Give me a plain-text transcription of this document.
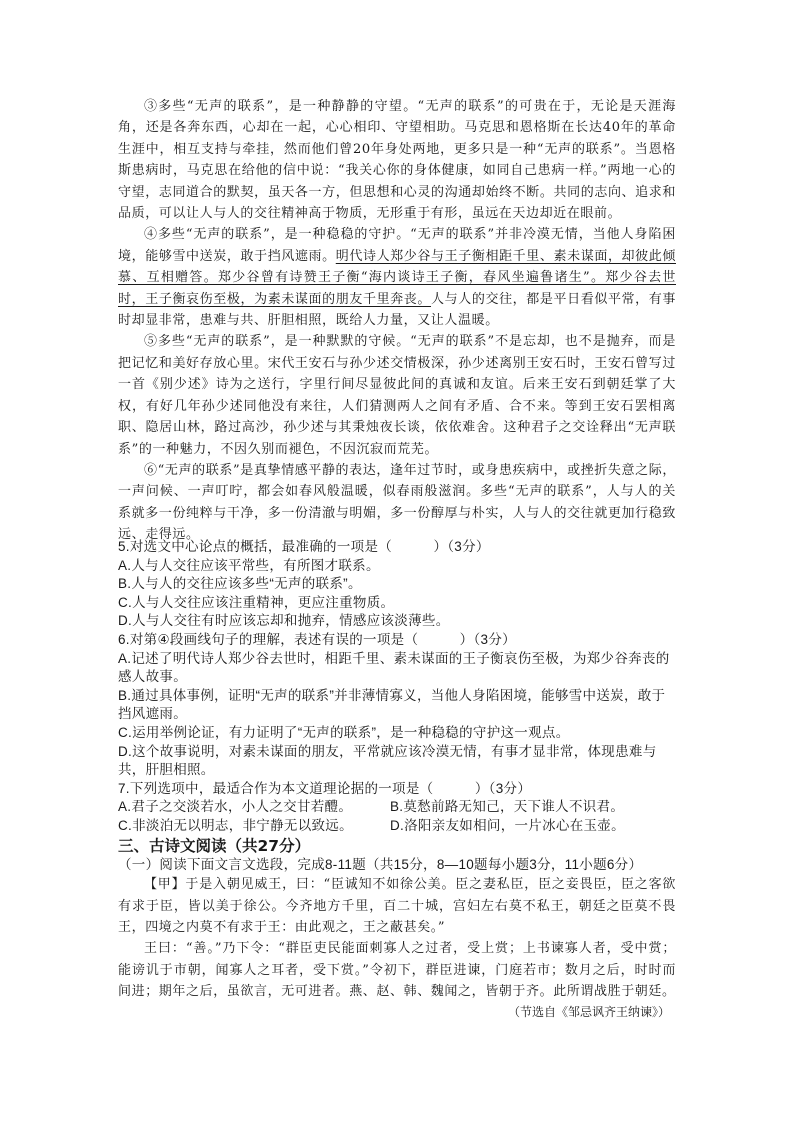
③多些“无声的联系”，是一种静静的守望。“无声的联系”的可贵在于，无论是天涯海角，还是各奔东西，心却在一起，心心相印、守望相助。马克思和恩格斯在长达40年的革命生涯中，相互支持与牵挂，然而他们曾20年身处两地，更多只是一种“无声的联系”。当恩格斯患病时，马克思在给他的信中说：“我关心你的身体健康，如同自己患病一样。”两地一心的守望，志同道合的默契，虽天各一方，但思想和心灵的沟通却始终不断。共同的志向、追求和品质，可以让人与人的交往精神高于物质，无形重于有形，虽远在天边却近在眼前。

④多些“无声的联系”，是一种稳稳的守护。“无声的联系”并非冷漠无情，当他人身陷困境，能够雪中送炭，敢于挡风遮雨。明代诗人郑少谷与王子衡相距千里、素未谋面，却彼此倾慕、互相赠答。郑少谷曾有诗赞王子衡“海内谈诗王子衡，春风坐遍鲁诸生”。郑少谷去世时，王子衡哀伤至极，为素未谋面的朋友千里奔丧。人与人的交往，都是平日看似平常，有事时却显非常，患难与共、肝胆相照，既给人力量，又让人温暖。

⑤多些“无声的联系”，是一种默默的守候。“无声的联系”不是忘却，也不是抛弃，而是把记忆和美好存放心里。宋代王安石与孙少述交情极深，孙少述离别王安石时，王安石曾写过一首《别少述》诗为之送行，字里行间尽显彼此间的真诚和友谊。后来王安石到朝廷掌了大权，有好几年孙少述同他没有来往，人们猜测两人之间有矛盾、合不来。等到王安石罢相离职、隐居山林，路过高沙，孙少述与其秉烛夜长谈，依依难舍。这种君子之交诠释出“无声联系”的一种魅力，不因久别而褪色，不因沉寂而荒芜。

⑥“无声的联系”是真挚情感平静的表达，逢年过节时，或身患疾病中，或挫折失意之际，一声问候、一声叮咛，都会如春风般温暖，似春雨般滋润。多些“无声的联系”，人与人的关系就多一份纯粹与干净，多一份清澈与明媚，多一份醇厚与朴实，人与人的交往就更加行稳致远、走得远。

5.对选文中心论点的概括，最准确的一项是（　　　）（3分）

A.人与人交往应该平常些，有所图才联系。

B.人与人的交往应该多些“无声的联系”。

C.人与人交往应该注重精神，更应注重物质。

D.人与人交往有时应该忘却和抛弃，情感应该淡薄些。

6.对第④段画线句子的理解，表述有误的一项是（　　　）（3分）

A.记述了明代诗人郑少谷去世时，相距千里、素未谋面的王子衡哀伤至极，为郑少谷奔丧的感人故事。

B.通过具体事例，证明“无声的联系”并非薄情寡义，当他人身陷困境，能够雪中送炭，敢于挡风遮雨。

C.运用举例论证，有力证明了“无声的联系”，是一种稳稳的守护这一观点。

D.这个故事说明，对素未谋面的朋友，平常就应该冷漠无情，有事才显非常，体现患难与共，肝胆相照。

7.下列选项中，最适合作为本文道理论据的一项是（　　　）（3分）

A.君子之交淡若水，小人之交甘若醴。	B.莫愁前路无知己，天下谁人不识君。
C.非淡泊无以明志，非宁静无以致远。	D.洛阳亲友如相问，一片冰心在玉壶。

三、古诗文阅读（共27分）

（一）阅读下面文言文选段，完成8-11题（共15分，8—10题每小题3分，11小题6分）

【甲】于是入朝见威王，曰：“臣诚知不如徐公美。臣之妻私臣，臣之妾畏臣，臣之客欲有求于臣，皆以美于徐公。今齐地方千里，百二十城，宫妇左右莫不私王，朝廷之臣莫不畏王，四境之内莫不有求于王：由此观之，王之蔽甚矣。”

王曰：“善。”乃下令：“群臣吏民能面刺寡人之过者，受上赏；上书谏寡人者，受中赏；能谤讥于市朝，闻寡人之耳者，受下赏。”令初下，群臣进谏，门庭若市；数月之后，时时而间进；期年之后，虽欲言，无可进者。燕、赵、韩、魏闻之，皆朝于齐。此所谓战胜于朝廷。

（节选自《邹忌讽齐王纳谏》）
